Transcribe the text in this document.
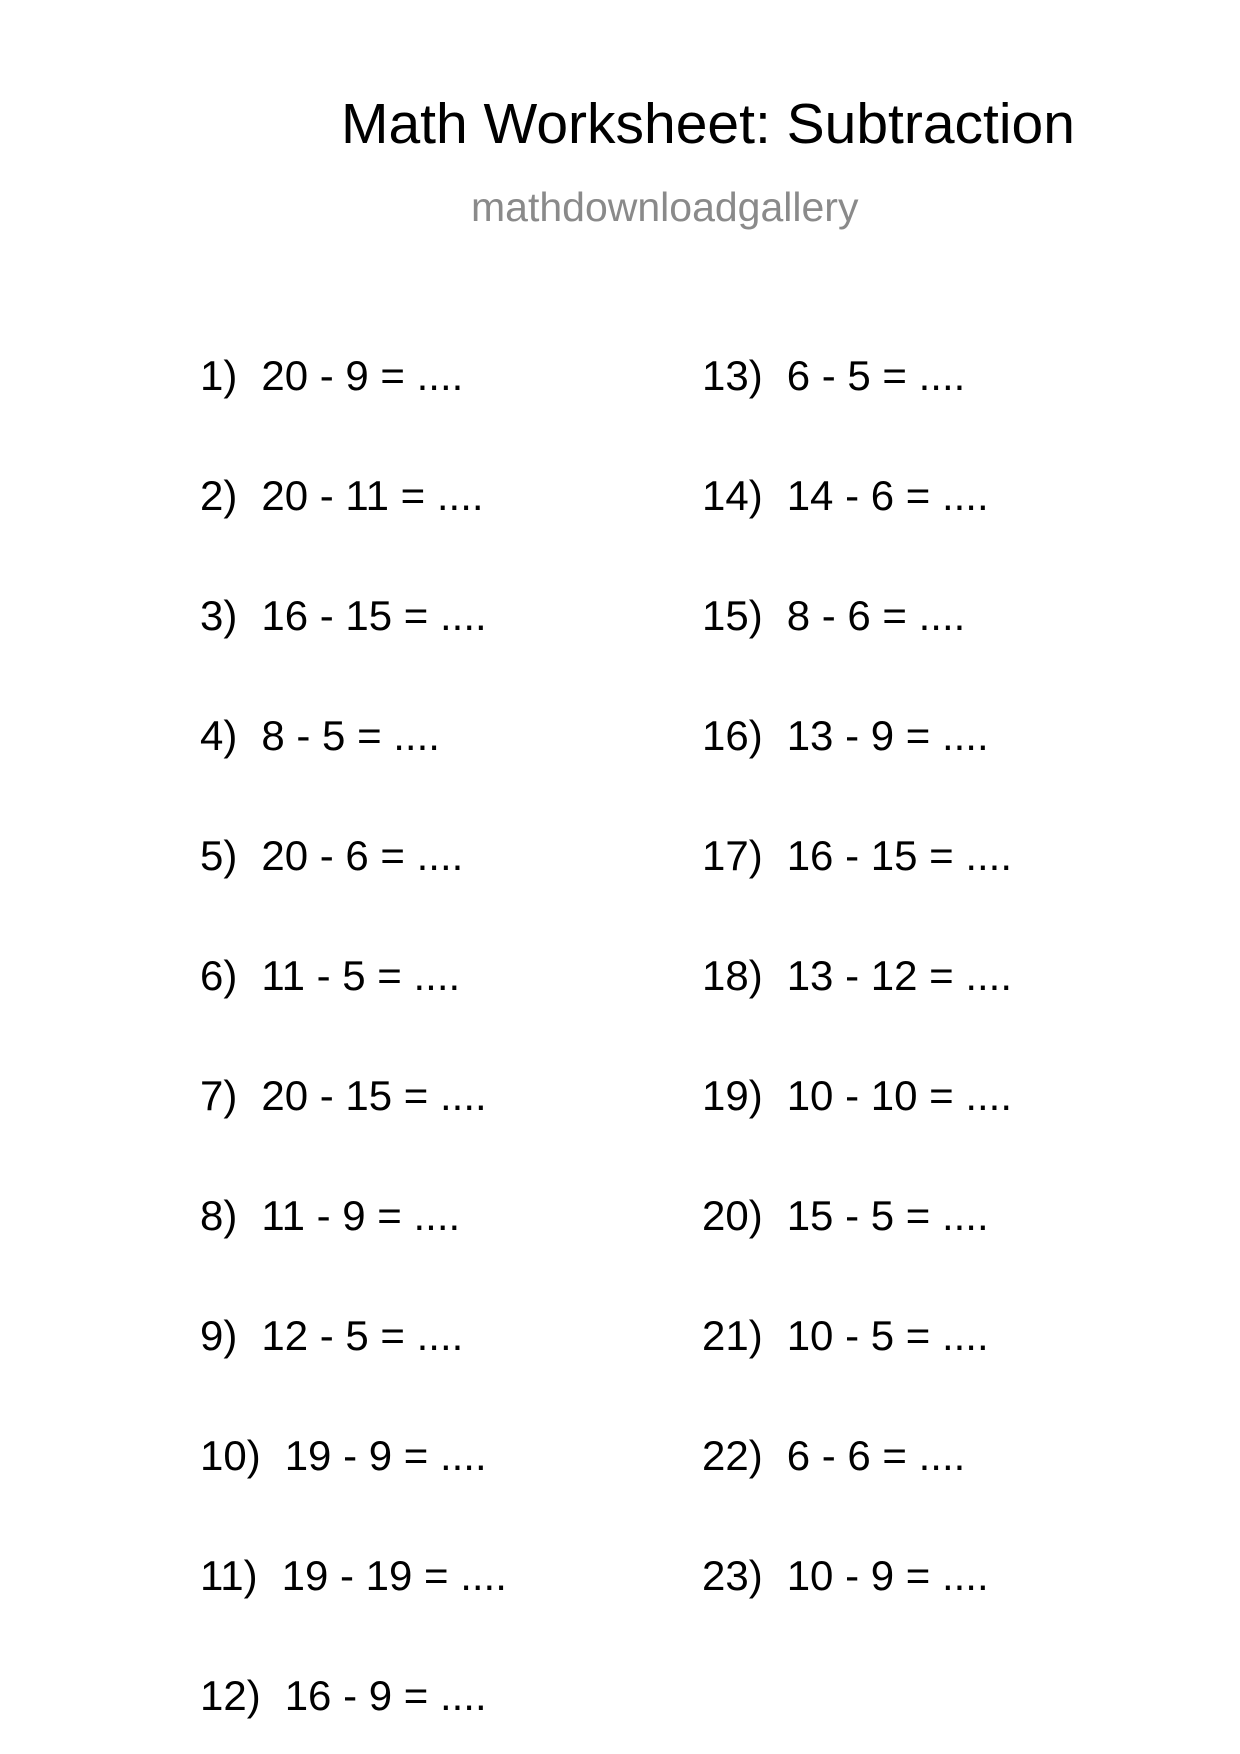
Math Worksheet: Subtraction
mathdownloadgallery
1) 20 - 9 = ....
2) 20 - 11 = ....
3) 16 - 15 = ....
4) 8 - 5 = ....
5) 20 - 6 = ....
6) 11 - 5 = ....
7) 20 - 15 = ....
8) 11 - 9 = ....
9) 12 - 5 = ....
10) 19 - 9 = ....
11) 19 - 19 = ....
12) 16 - 9 = ....
13) 6 - 5 = ....
14) 14 - 6 = ....
15) 8 - 6 = ....
16) 13 - 9 = ....
17) 16 - 15 = ....
18) 13 - 12 = ....
19) 10 - 10 = ....
20) 15 - 5 = ....
21) 10 - 5 = ....
22) 6 - 6 = ....
23) 10 - 9 = ....
